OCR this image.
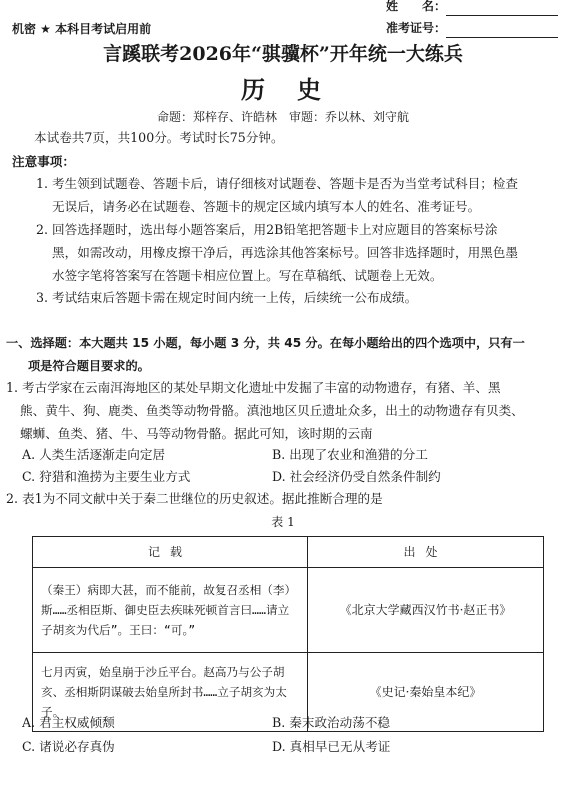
姓　　名：
准考证号：
机密 ★ 本科目考试启用前
言蹊联考2026年“骐骥杯”开年统一大练兵
历　史
命题：郑梓存、许皓林　审题：乔以林、刘守航
本试卷共7页，共100分。考试时长75分钟。
注意事项：
1. 考生领到试题卷、答题卡后，请仔细核对试题卷、答题卡是否为当堂考试科目；检查
无误后，请务必在试题卷、答题卡的规定区域内填写本人的姓名、准考证号。
2. 回答选择题时，选出每小题答案后，用2B铅笔把答题卡上对应题目的答案标号涂
黑，如需改动，用橡皮擦干净后，再选涂其他答案标号。回答非选择题时，用黑色墨
水签字笔将答案写在答题卡相应位置上。写在草稿纸、试题卷上无效。
3. 考试结束后答题卡需在规定时间内统一上传，后续统一公布成绩。
一、选择题：本大题共 15 小题，每小题 3 分，共 45 分。在每小题给出的四个选项中，只有一
项是符合题目要求的。
1. 考古学家在云南洱海地区的某处早期文化遗址中发掘了丰富的动物遗存，有猪、羊、黑
熊、黄牛、狗、鹿类、鱼类等动物骨骼。滇池地区贝丘遗址众多，出土的动物遗存有贝类、
螺蛳、鱼类、猪、牛、马等动物骨骼。据此可知，该时期的云南
A. 人类生活逐渐走向定居	B. 出现了农业和渔猎的分工
C. 狩猎和渔捞为主要生业方式	D. 社会经济仍受自然条件制约
2. 表1为不同文献中关于秦二世继位的历史叙述。据此推断合理的是
表 1
记载	出处
（秦王）病即大甚，而不能前，故复召丞相（李）斯……丞相臣斯、御史臣去疾昧死顿首言曰……请立子胡亥为代后”。王曰：“可。”	《北京大学藏西汉竹书·赵正书》
七月丙寅，始皇崩于沙丘平台。赵高乃与公子胡亥、丞相斯阴谋破去始皇所封书……立子胡亥为太子。	《史记·秦始皇本纪》
A. 君主权威倾颓	B. 秦末政治动荡不稳
C. 诸说必存真伪	D. 真相早已无从考证
